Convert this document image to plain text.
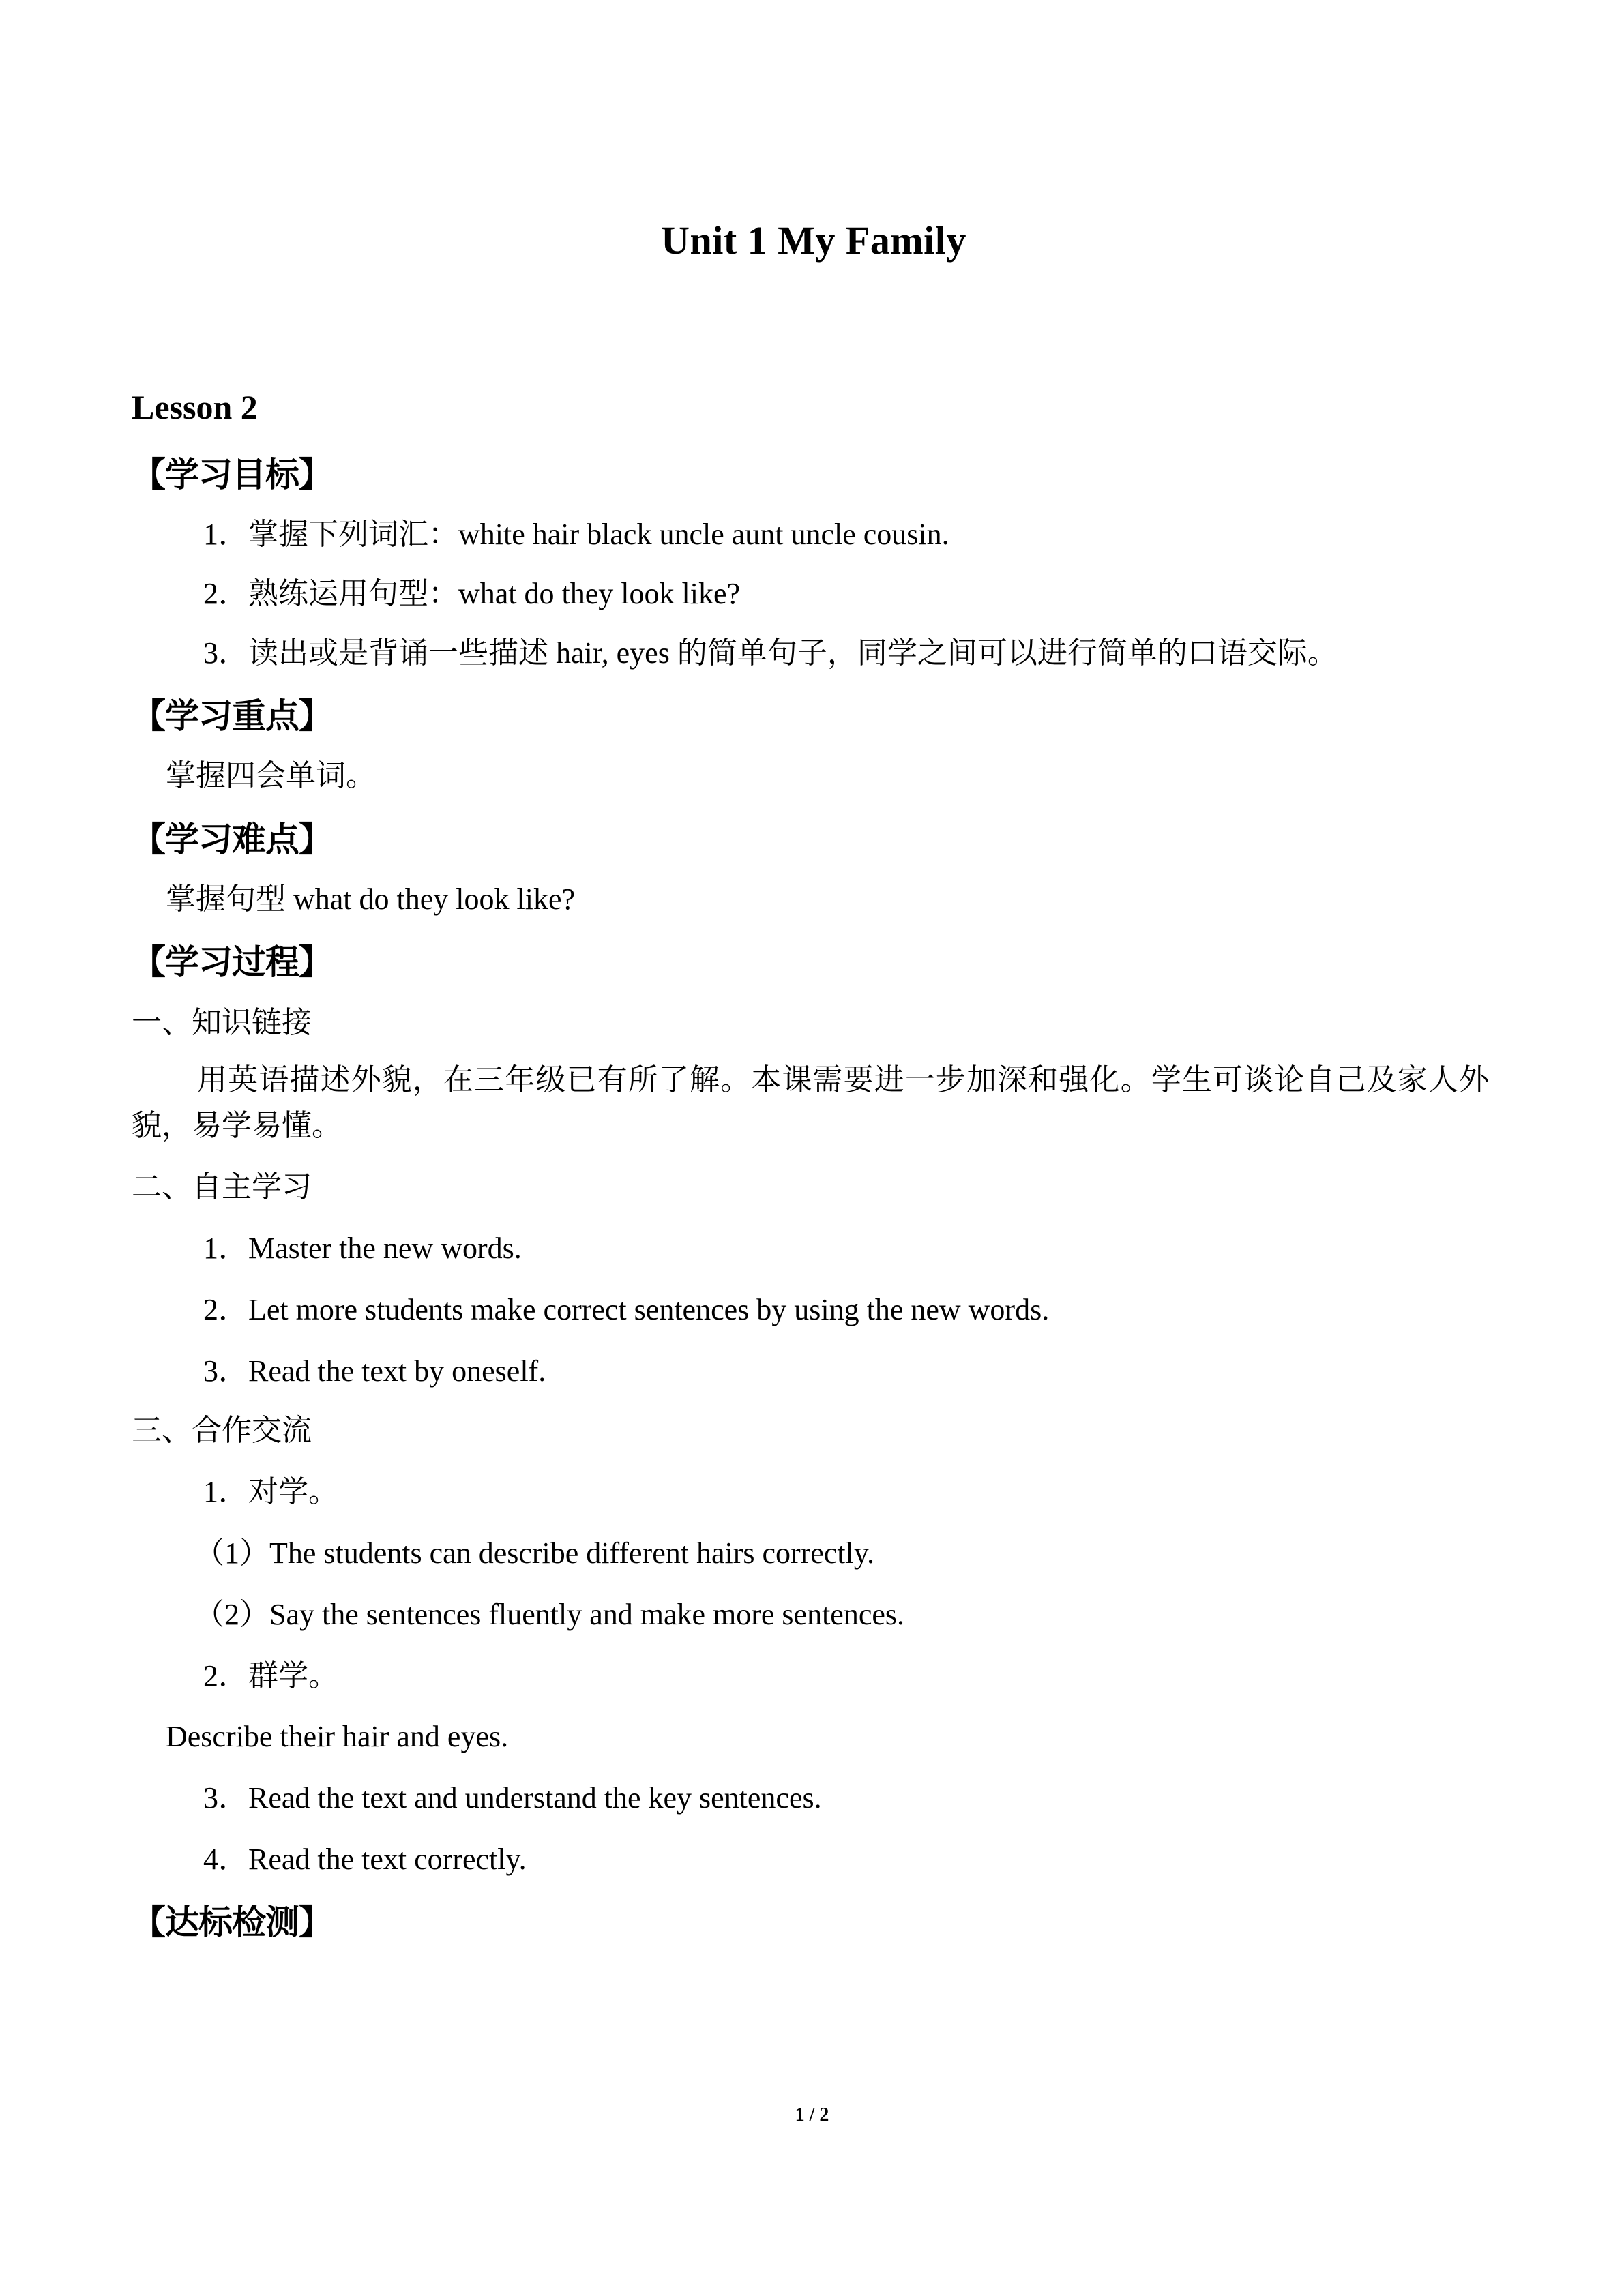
Unit 1 My Family
Lesson 2
【学习目标】

1．掌握下列词汇：white hair black uncle aunt uncle cousin.

2．熟练运用句型：what do they look like?

3．读出或是背诵一些描述 hair, eyes 的简单句子，同学之间可以进行简单的口语交际。

【学习重点】

掌握四会单词。

【学习难点】

掌握句型 what do they look like?

【学习过程】

一、知识链接

用英语描述外貌，在三年级已有所了解。本课需要进一步加深和强化。学生可谈论自己及家人外貌，易学易懂。

二、自主学习

1．Master the new words.

2．Let more students make correct sentences by using the new words.

3．Read the text by oneself.

三、合作交流

1．对学。

（1）The students can describe different hairs correctly.

（2）Say the sentences fluently and make more sentences.

2．群学。

Describe their hair and eyes.

3．Read the text and understand the key sentences.

4．Read the text correctly.

【达标检测】
1 / 2
